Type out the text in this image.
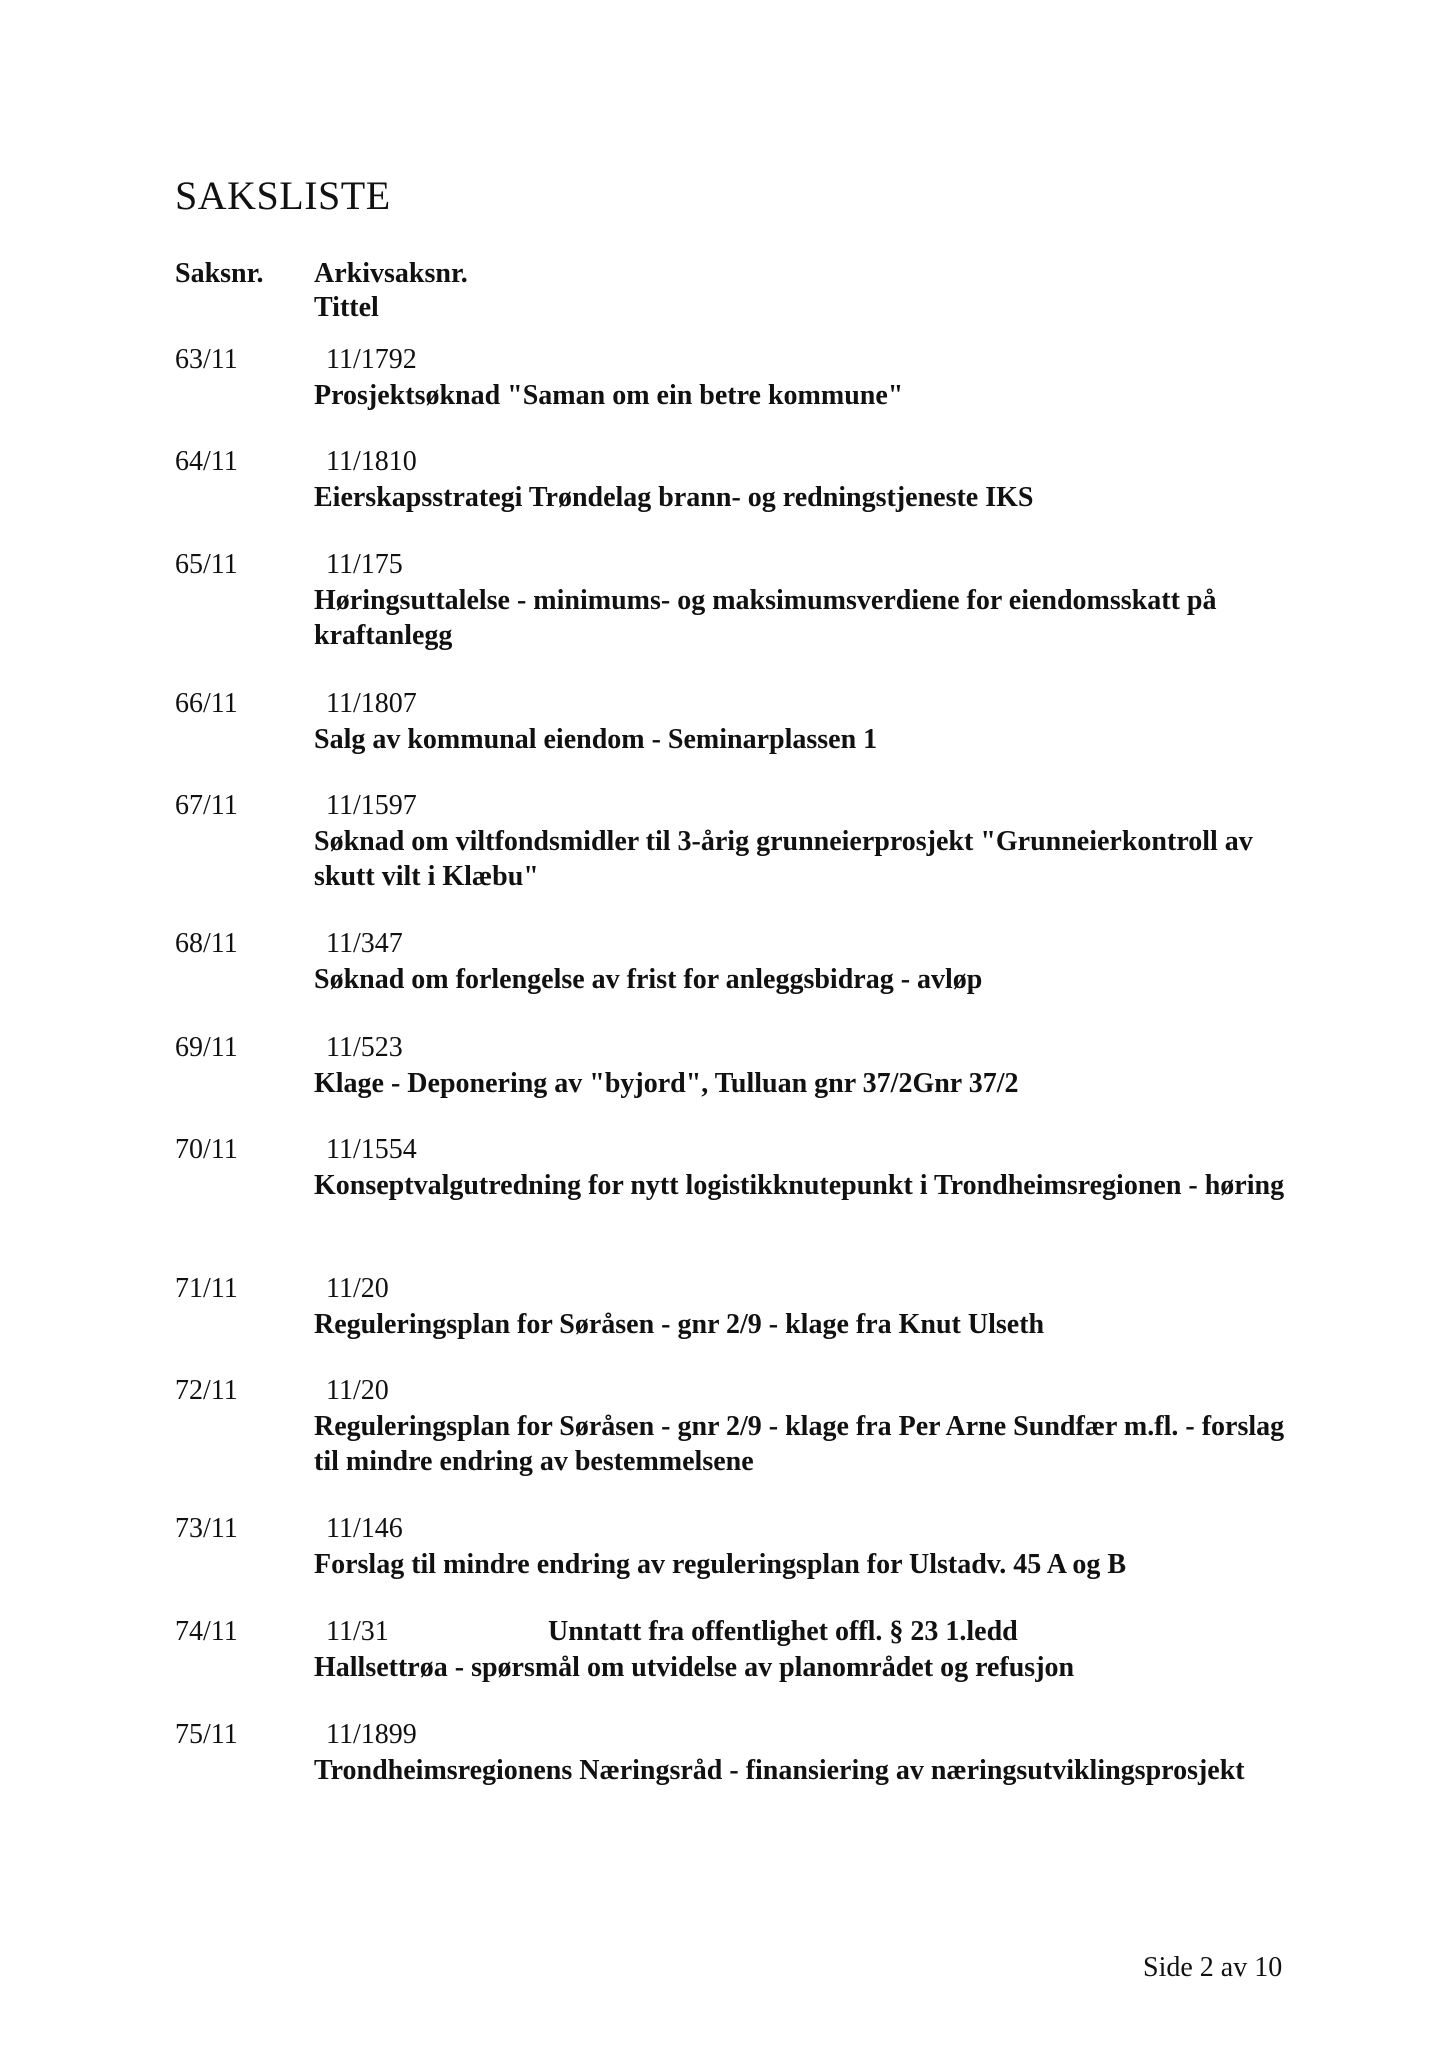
SAKSLISTE
Saksnr. Arkivsaksnr.
Tittel
63/11	11/1792
Prosjektsøknad "Saman om ein betre kommune"
64/11	11/1810
Eierskapsstrategi Trøndelag brann- og redningstjeneste IKS
65/11	11/175
Høringsuttalelse - minimums- og maksimumsverdiene for eiendomsskatt på kraftanlegg
66/11	11/1807
Salg av kommunal eiendom - Seminarplassen 1
67/11	11/1597
Søknad om viltfondsmidler til 3-årig grunneierprosjekt "Grunneierkontroll av skutt vilt i Klæbu"
68/11	11/347
Søknad om forlengelse av frist for anleggsbidrag - avløp
69/11	11/523
Klage - Deponering av "byjord", Tulluan gnr 37/2Gnr 37/2
70/11	11/1554
Konseptvalgutredning for nytt logistikknutepunkt i Trondheimsregionen - høring
71/11	11/20
Reguleringsplan for Søråsen - gnr 2/9 - klage fra Knut Ulseth
72/11	11/20
Reguleringsplan for Søråsen - gnr 2/9 - klage fra Per Arne Sundfær m.fl. - forslag til mindre endring av bestemmelsene
73/11	11/146
Forslag til mindre endring av reguleringsplan for Ulstadv. 45 A og B
74/11	11/31	Unntatt fra offentlighet offl. § 23 1.ledd
Hallsettrøa - spørsmål om utvidelse av planområdet og refusjon
75/11	11/1899
Trondheimsregionens Næringsråd - finansiering av næringsutviklingsprosjekt
Side 2 av 10
